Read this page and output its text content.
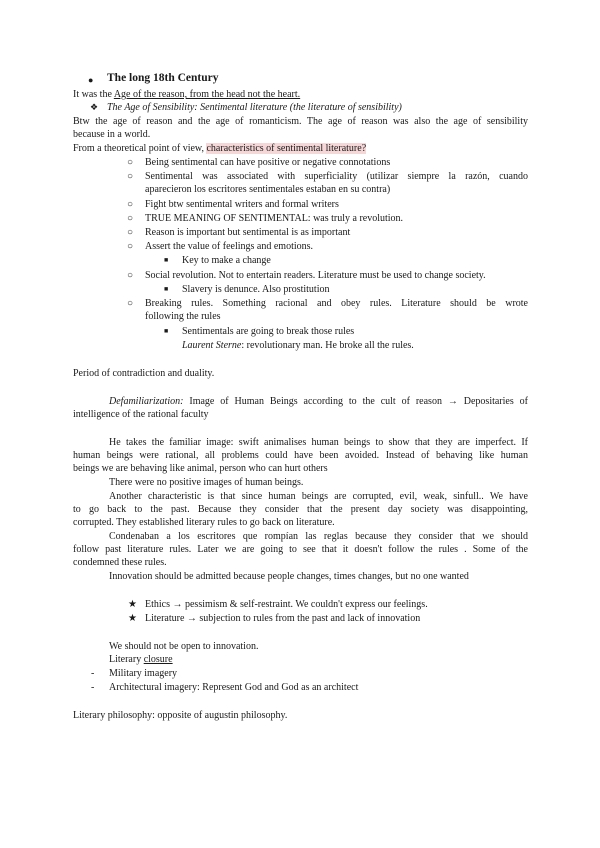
● The long 18th Century
It was the Age of the reason, from the head not the heart.
❖ The Age of Sensibility: Sentimental literature (the literature of sensibility)
Btw the age of reason and the age of romanticism. The age of reason was also the age of sensibility
because in a world.
From a theoretical point of view, characteristics of sentimental literature?
○ Being sentimental can have positive or negative connotations
○ Sentimental was associated with superficiality (utilizar siempre la razón, cuando
aparecieron los escritores sentimentales estaban en su contra)
○ Fight btw sentimental writers and formal writers
○ TRUE MEANING OF SENTIMENTAL: was truly a revolution.
○ Reason is important but sentimental is as important
○ Assert the value of feelings and emotions.
■ Key to make a change
○ Social revolution. Not to entertain readers. Literature must be used to change society.
■ Slavery is denunce. Also prostitution
○ Breaking rules. Something racional and obey rules. Literature should be wrote
following the rules
■ Sentimentals are going to break those rules
Laurent Sterne: revolutionary man. He broke all the rules.
Period of contradiction and duality.
Defamiliarization: Image of Human Beings according to the cult of reason → Depositaries of
intelligence of the rational faculty
He takes the familiar image: swift animalises human beings to show that they are imperfect. If
human beings were rational, all problems could have been avoided. Instead of behaving like human
beings we are behaving like animal, person who can hurt others
There were no positive images of human beings.
Another characteristic is that since human beings are corrupted, evil, weak, sinfull.. We have
to go back to the past. Because they consider that the present day society was disappointing,
corrupted. They established literary rules to go back on literature.
Condenaban a los escritores que rompían las reglas because they consider that we should
follow past literature rules. Later we are going to see that it doesn't follow the rules . Some of the
condemned these rules.
Innovation should be admitted because people changes, times changes, but no one wanted
★ Ethics → pessimism & self-restraint. We couldn't express our feelings.
★ Literature → subjection to rules from the past and lack of innovation
We should not be open to innovation.
Literary closure
- Military imagery
- Architectural imagery: Represent God and God as an architect
Literary philosophy: opposite of augustin philosophy.
